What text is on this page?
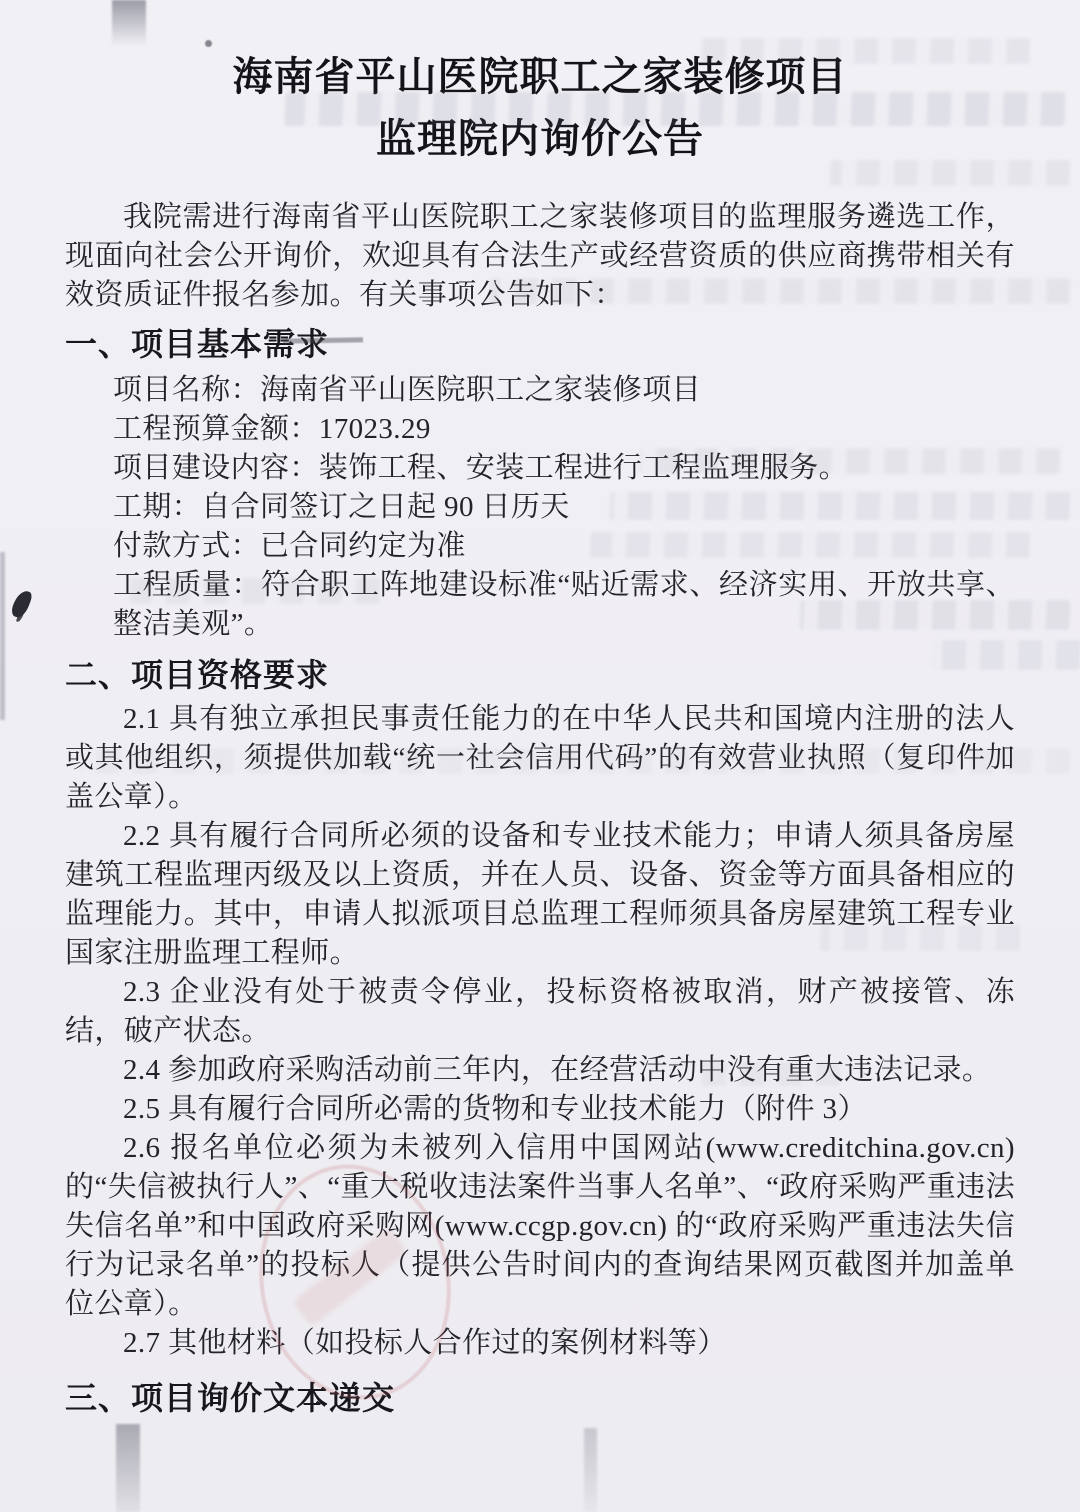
海南省平山医院职工之家装修项目
监理院内询价公告

我院需进行海南省平山医院职工之家装修项目的监理服务遴选工作，现面向社会公开询价，欢迎具有合法生产或经营资质的供应商携带相关有效资质证件报名参加。有关事项公告如下：

一、项目基本需求

项目名称：海南省平山医院职工之家装修项目

工程预算金额：17023.29

项目建设内容：装饰工程、安装工程进行工程监理服务。

工期：自合同签订之日起 90 日历天

付款方式：已合同约定为准

工程质量：符合职工阵地建设标准“贴近需求、经济实用、开放共享、整洁美观”。

二、项目资格要求

2.1 具有独立承担民事责任能力的在中华人民共和国境内注册的法人或其他组织，须提供加载“统一社会信用代码”的有效营业执照（复印件加盖公章）。

2.2 具有履行合同所必须的设备和专业技术能力；申请人须具备房屋建筑工程监理丙级及以上资质，并在人员、设备、资金等方面具备相应的监理能力。其中，申请人拟派项目总监理工程师须具备房屋建筑工程专业国家注册监理工程师。

2.3 企业没有处于被责令停业，投标资格被取消，财产被接管、冻结，破产状态。

2.4 参加政府采购活动前三年内，在经营活动中没有重大违法记录。

2.5 具有履行合同所必需的货物和专业技术能力（附件 3）

2.6 报名单位必须为未被列入信用中国网站(www.creditchina.gov.cn)的“失信被执行人”、“重大税收违法案件当事人名单”、“政府采购严重违法失信名单”和中国政府采购网(www.ccgp.gov.cn) 的“政府采购严重违法失信行为记录名单”的投标人（提供公告时间内的查询结果网页截图并加盖单位公章）。

2.7 其他材料（如投标人合作过的案例材料等）

三、项目询价文本递交
